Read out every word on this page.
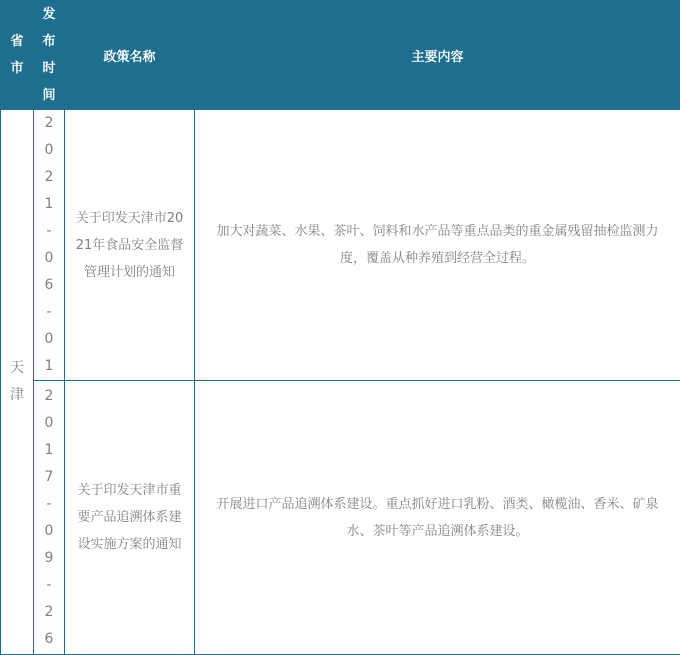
省市	发布时间	政策名称	主要内容

天津	2021-06-01	关于印发天津市2021年食品安全监督管理计划的通知	加大对蔬菜、水果、茶叶、饲料和水产品等重点品类的重金属残留抽检监测力度，覆盖从种养殖到经营全过程。

	2017-09-26	关于印发天津市重要产品追溯体系建设实施方案的通知	开展进口产品追溯体系建设。重点抓好进口乳粉、酒类、橄榄油、香米、矿泉水、茶叶等产品追溯体系建设。
